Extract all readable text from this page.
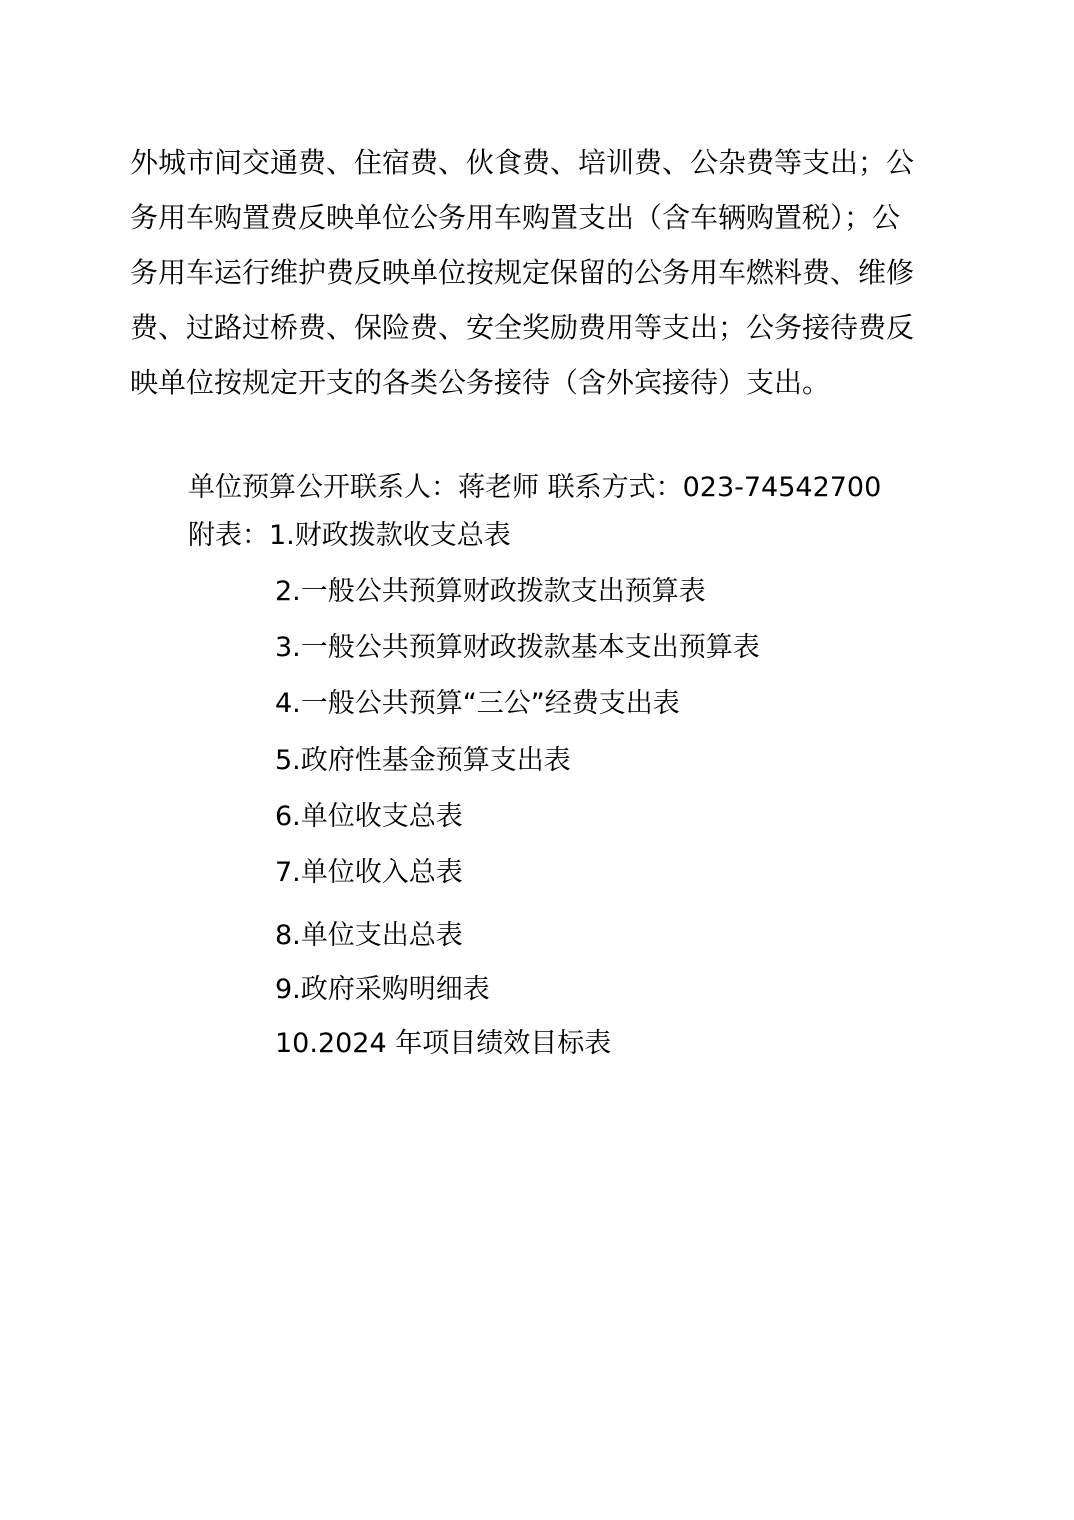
外城市间交通费、住宿费、伙食费、培训费、公杂费等支出；公
务用车购置费反映单位公务用车购置支出（含车辆购置税）；公
务用车运行维护费反映单位按规定保留的公务用车燃料费、维修
费、过路过桥费、保险费、安全奖励费用等支出；公务接待费反
映单位按规定开支的各类公务接待（含外宾接待）支出。
单位预算公开联系人：蒋老师 联系方式：023-74542700
附表：1.财政拨款收支总表
2.一般公共预算财政拨款支出预算表
3.一般公共预算财政拨款基本支出预算表
4.一般公共预算“三公”经费支出表
5.政府性基金预算支出表
6.单位收支总表
7.单位收入总表
8.单位支出总表
9.政府采购明细表
10.2024 年项目绩效目标表
